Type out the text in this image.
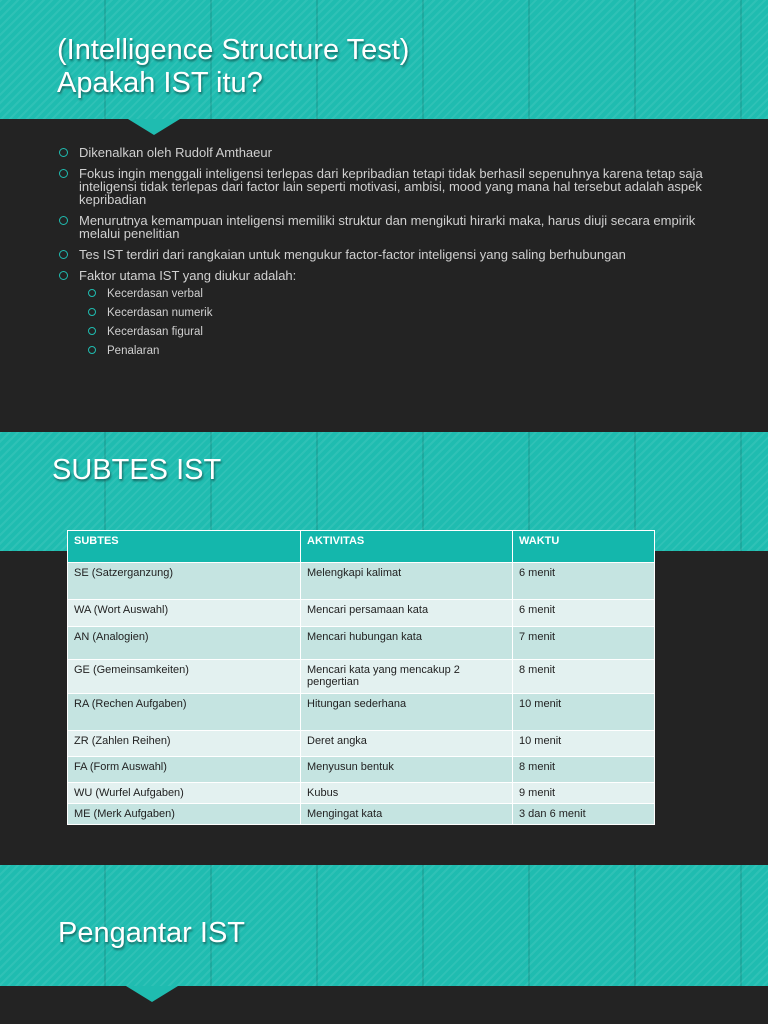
(Intelligence Structure Test)
Apakah IST itu?
Dikenalkan oleh Rudolf Amthaeur
Fokus ingin menggali inteligensi terlepas dari kepribadian tetapi tidak berhasil sepenuhnya karena tetap saja inteligensi tidak terlepas dari factor lain seperti motivasi, ambisi, mood yang mana hal tersebut adalah aspek kepribadian
Menurutnya kemampuan inteligensi memiliki struktur dan mengikuti hirarki maka, harus diuji secara empirik melalui penelitian
Tes IST terdiri dari rangkaian untuk mengukur factor-factor inteligensi yang saling berhubungan
Faktor utama IST yang diukur adalah:
Kecerdasan verbal
Kecerdasan numerik
Kecerdasan figural
Penalaran
SUBTES IST
SUBTES	AKTIVITAS	WAKTU
SE (Satzerganzung)	Melengkapi kalimat	6 menit
WA (Wort Auswahl)	Mencari persamaan kata	6 menit
AN (Analogien)	Mencari hubungan kata	7 menit
GE (Gemeinsamkeiten)	Mencari kata yang mencakup 2 pengertian	8 menit
RA (Rechen Aufgaben)	Hitungan sederhana	10 menit
ZR (Zahlen Reihen)	Deret angka	10 menit
FA (Form Auswahl)	Menyusun bentuk	8 menit
WU (Wurfel Aufgaben)	Kubus	9 menit
ME (Merk Aufgaben)	Mengingat kata	3 dan 6 menit
Pengantar IST
